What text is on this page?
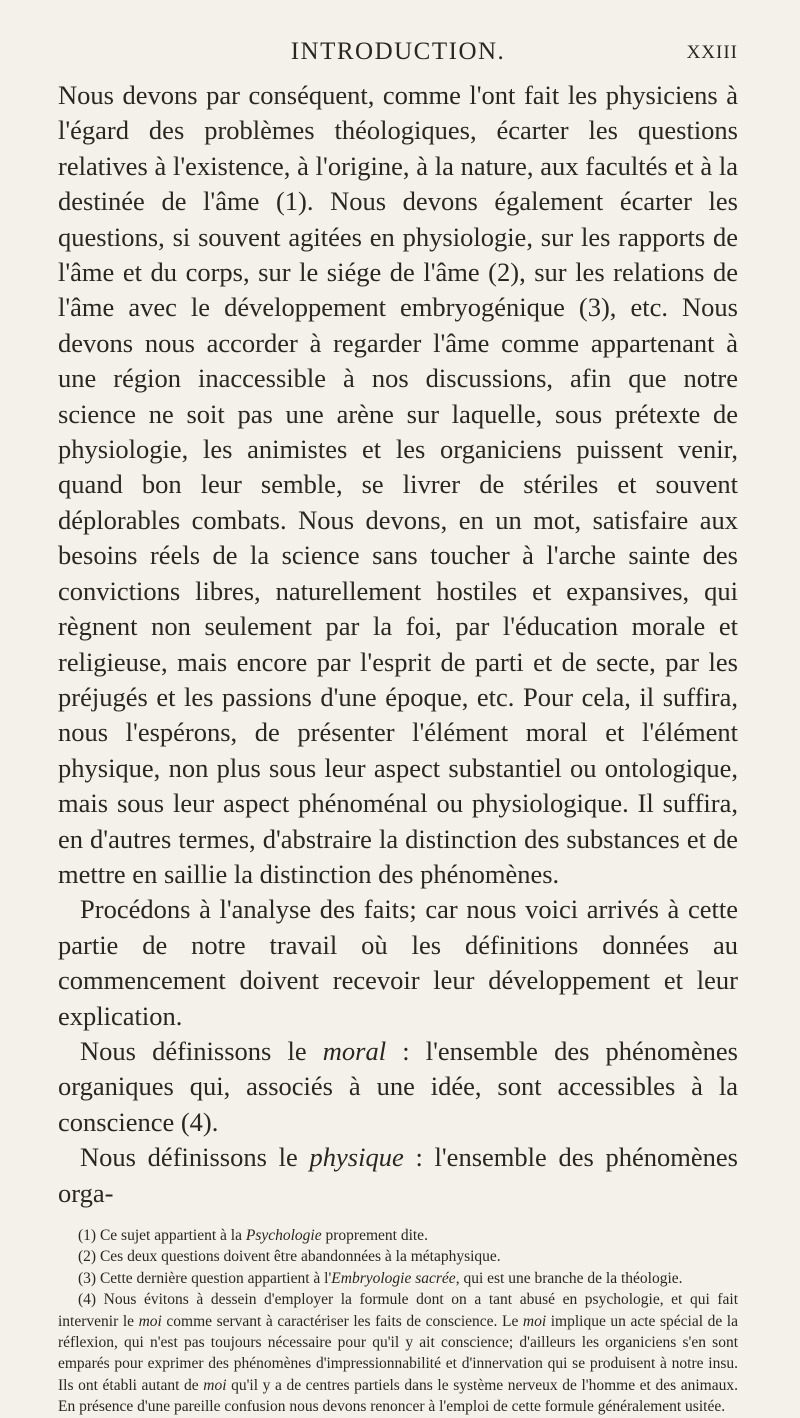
INTRODUCTION.	XXIII

Nous devons par conséquent, comme l'ont fait les physiciens à l'égard des problèmes théologiques, écarter les questions relatives à l'existence, à l'origine, à la nature, aux facultés et à la destinée de l'âme (1). Nous devons également écarter les questions, si souvent agitées en physiologie, sur les rapports de l'âme et du corps, sur le siége de l'âme (2), sur les relations de l'âme avec le développement embryogénique (3), etc. Nous devons nous accorder à regarder l'âme comme appartenant à une région inaccessible à nos discussions, afin que notre science ne soit pas une arène sur laquelle, sous prétexte de physiologie, les animistes et les organiciens puissent venir, quand bon leur semble, se livrer de stériles et souvent déplorables combats. Nous devons, en un mot, satisfaire aux besoins réels de la science sans toucher à l'arche sainte des convictions libres, naturellement hostiles et expansives, qui règnent non seulement par la foi, par l'éducation morale et religieuse, mais encore par l'esprit de parti et de secte, par les préjugés et les passions d'une époque, etc. Pour cela, il suffira, nous l'espérons, de présenter l'élément moral et l'élément physique, non plus sous leur aspect substantiel ou ontologique, mais sous leur aspect phénoménal ou physiologique. Il suffira, en d'autres termes, d'abstraire la distinction des substances et de mettre en saillie la distinction des phénomènes.

Procédons à l'analyse des faits; car nous voici arrivés à cette partie de notre travail où les définitions données au commencement doivent recevoir leur développement et leur explication.

Nous définissons le moral : l'ensemble des phénomènes organiques qui, associés à une idée, sont accessibles à la conscience (4).

Nous définissons le physique : l'ensemble des phénomènes orga-

(1) Ce sujet appartient à la Psychologie proprement dite.

(2) Ces deux questions doivent être abandonnées à la métaphysique.

(3) Cette dernière question appartient à l'Embryologie sacrée, qui est une branche de la théologie.

(4) Nous évitons à dessein d'employer la formule dont on a tant abusé en psychologie, et qui fait intervenir le moi comme servant à caractériser les faits de conscience. Le moi implique un acte spécial de la réflexion, qui n'est pas toujours nécessaire pour qu'il y ait conscience; d'ailleurs les organiciens s'en sont emparés pour exprimer des phénomènes d'impressionnabilité et d'innervation qui se produisent à notre insu. Ils ont établi autant de moi qu'il y a de centres partiels dans le système nerveux de l'homme et des animaux. En présence d'une pareille confusion nous devons renoncer à l'emploi de cette formule généralement usitée.
